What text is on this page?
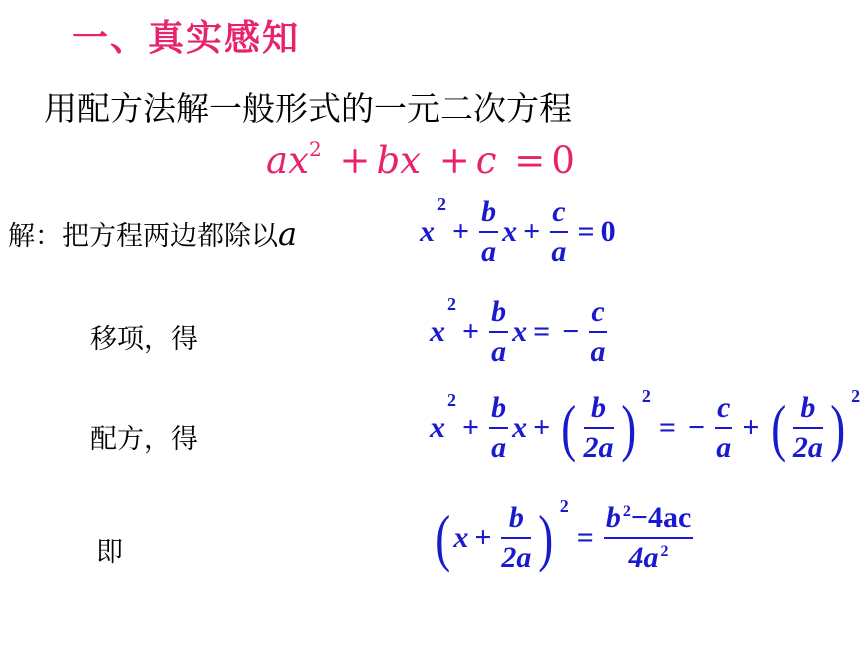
一、真实感知
用配方法解一般形式的一元二次方程
$ax^2$ + bx + c = 0
解：把方程两边都除以a	x
$^2$
+ $\frac{b}{a}$ $x + \frac{c}{a} = 0$
移项，得	x
$^2$
+ $\frac{b}{a}$ x = − $\frac{c}{a}$
配方，得	x
$^2$
+ $\frac{b}{a}$ x + ( $\frac{b}{2a}$ ) 2
= − $\frac{c}{a}$ + ( $\frac{b}{2a}$ ) 2
即	( $x + \frac{b}{2a}$ ) 2
= $\frac{b ^2-4ac}{4a ^2}$
